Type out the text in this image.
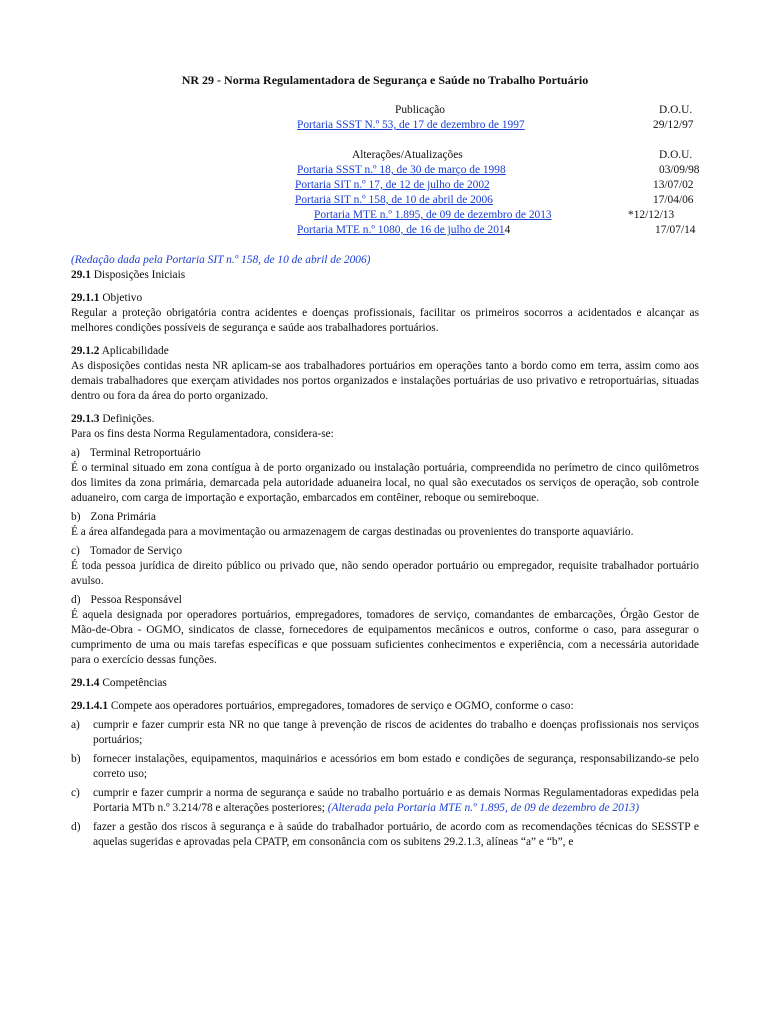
NR 29 - Norma Regulamentadora de Segurança e Saúde no Trabalho Portuário
Publicação	D.O.U.
Portaria SSST N.º 53, de 17 de dezembro de 1997	29/12/97
Alterações/Atualizações	D.O.U.
Portaria SSST n.º 18, de 30 de março de 1998	03/09/98
Portaria SIT n.º 17, de 12 de julho de 2002	13/07/02
Portaria SIT n.º 158, de 10 de abril de 2006	17/04/06
Portaria MTE n.º 1.895, de 09 de dezembro de 2013	*12/12/13
Portaria MTE n.º 1080, de 16 de julho de 2014	17/07/14

(Redação dada pela Portaria SIT n.º 158, de 10 de abril de 2006)

29.1 Disposições Iniciais

29.1.1 Objetivo

Regular a proteção obrigatória contra acidentes e doenças profissionais, facilitar os primeiros socorros a acidentados e alcançar as melhores condições possíveis de segurança e saúde aos trabalhadores portuários.

29.1.2 Aplicabilidade

As disposições contidas nesta NR aplicam-se aos trabalhadores portuários em operações tanto a bordo como em terra, assim como aos demais trabalhadores que exerçam atividades nos portos organizados e instalações portuárias de uso privativo e retroportuárias, situadas dentro ou fora da área do porto organizado.

29.1.3 Definições.

Para os fins desta Norma Regulamentadora, considera-se:

a) Terminal Retroportuário

É o terminal situado em zona contígua à de porto organizado ou instalação portuária, compreendida no perímetro de cinco quilômetros dos limites da zona primária, demarcada pela autoridade aduaneira local, no qual são executados os serviços de operação, sob controle aduaneiro, com carga de importação e exportação, embarcados em contêiner, reboque ou semireboque.

b) Zona Primária

É a área alfandegada para a movimentação ou armazenagem de cargas destinadas ou provenientes do transporte aquaviário.

c) Tomador de Serviço

É toda pessoa jurídica de direito público ou privado que, não sendo operador portuário ou empregador, requisite trabalhador portuário avulso.

d) Pessoa Responsável

É aquela designada por operadores portuários, empregadores, tomadores de serviço, comandantes de embarcações, Órgão Gestor de Mão-de-Obra - OGMO, sindicatos de classe, fornecedores de equipamentos mecânicos e outros, conforme o caso, para assegurar o cumprimento de uma ou mais tarefas específicas e que possuam suficientes conhecimentos e experiência, com a necessária autoridade para o exercício dessas funções.

29.1.4 Competências

29.1.4.1 Compete aos operadores portuários, empregadores, tomadores de serviço e OGMO, conforme o caso:

a)	cumprir e fazer cumprir esta NR no que tange à prevenção de riscos de acidentes do trabalho e doenças profissionais nos serviços portuários;
b)	fornecer instalações, equipamentos, maquinários e acessórios em bom estado e condições de segurança, responsabilizando-se pelo correto uso;
c)	cumprir e fazer cumprir a norma de segurança e saúde no trabalho portuário e as demais Normas Regulamentadoras expedidas pela Portaria MTb n.º 3.214/78 e alterações posteriores; (Alterada pela Portaria MTE n.º 1.895, de 09 de dezembro de 2013)
d)	fazer a gestão dos riscos à segurança e à saúde do trabalhador portuário, de acordo com as recomendações técnicas do SESSTP e aquelas sugeridas e aprovadas pela CPATP, em consonância com os subitens 29.2.1.3, alíneas “a” e “b”, e
